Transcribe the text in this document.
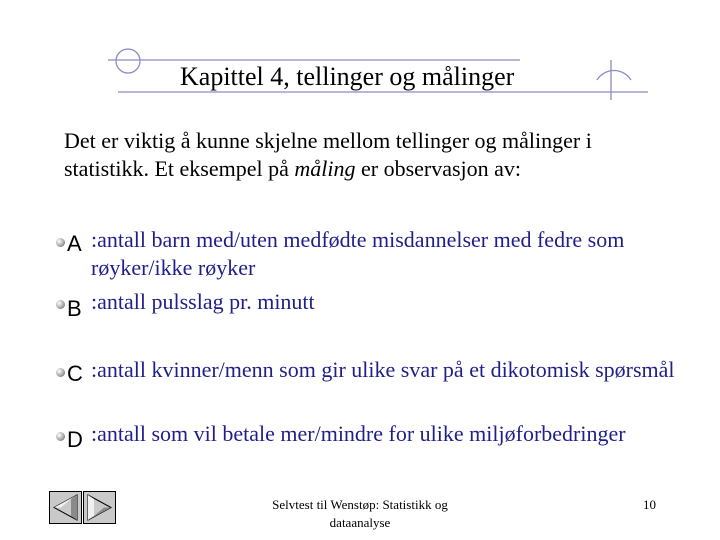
Kapittel 4, tellinger og målinger
Det er viktig å kunne skjelne mellom tellinger og målinger i statistikk. Et eksempel på måling er observasjon av:
A :antall barn med/uten medfødte misdannelser med fedre som røyker/ikke røyker
B :antall pulsslag pr. minutt
C :antall kvinner/menn som gir ulike svar på et dikotomisk spørsmål
D :antall som vil betale mer/mindre for ulike miljøforbedringer
Selvtest til Wenstøp: Statistikk og
dataanalyse
10
